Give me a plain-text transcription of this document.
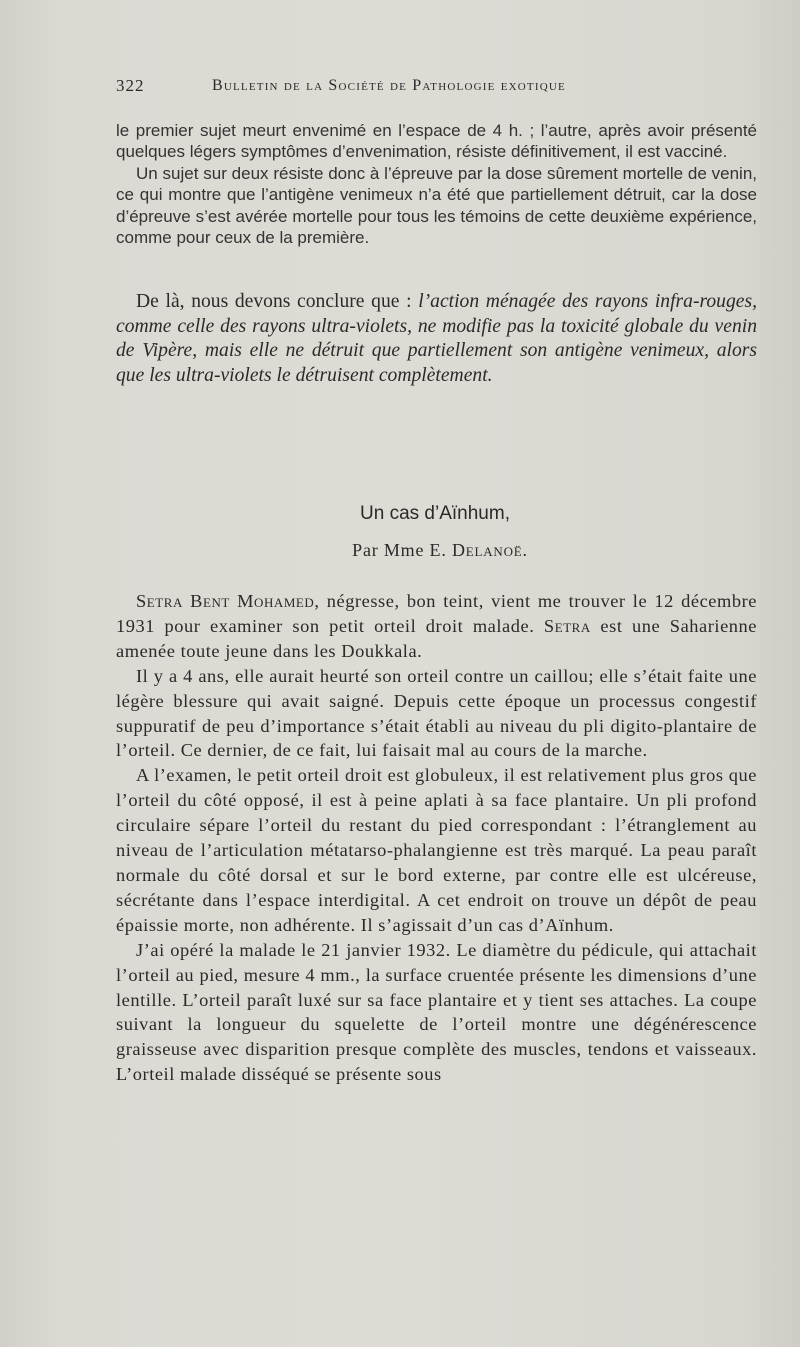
322	Bulletin de la Société de Pathologie exotique

le premier sujet meurt envenimé en l’espace de 4 h. ; l’autre, après avoir présenté quelques légers symptômes d’envenimation, résiste définitivement, il est vacciné.

Un sujet sur deux résiste donc à l’épreuve par la dose sûrement mortelle de venin, ce qui montre que l’antigène venimeux n’a été que partiellement détruit, car la dose d’épreuve s’est avérée mortelle pour tous les témoins de cette deuxième expérience, comme pour ceux de la première.

De là, nous devons conclure que : l’action ménagée des rayons infra-rouges, comme celle des rayons ultra-violets, ne modifie pas la toxicité globale du venin de Vipère, mais elle ne détruit que partiellement son antigène venimeux, alors que les ultra-violets le détruisent complètement.

Un cas d’Aïnhum,
Par Mme E. Delanoë.

Setra Bent Mohamed, négresse, bon teint, vient me trouver le 12 décembre 1931 pour examiner son petit orteil droit malade. Setra est une Saharienne amenée toute jeune dans les Doukkala.

Il y a 4 ans, elle aurait heurté son orteil contre un caillou; elle s’était faite une légère blessure qui avait saigné. Depuis cette époque un processus congestif suppuratif de peu d’importance s’était établi au niveau du pli digito-plantaire de l’orteil. Ce dernier, de ce fait, lui faisait mal au cours de la marche.

A l’examen, le petit orteil droit est globuleux, il est relativement plus gros que l’orteil du côté opposé, il est à peine aplati à sa face plantaire. Un pli profond circulaire sépare l’orteil du restant du pied correspondant : l’étranglement au niveau de l’articulation métatarso-phalangienne est très marqué. La peau paraît normale du côté dorsal et sur le bord externe, par contre elle est ulcéreuse, sécrétante dans l’espace interdigital. A cet endroit on trouve un dépôt de peau épaissie morte, non adhérente. Il s’agissait d’un cas d’Aïnhum.

J’ai opéré la malade le 21 janvier 1932. Le diamètre du pédicule, qui attachait l’orteil au pied, mesure 4 mm., la surface cruentée présente les dimensions d’une lentille. L’orteil paraît luxé sur sa face plantaire et y tient ses attaches. La coupe suivant la longueur du squelette de l’orteil montre une dégénérescence graisseuse avec disparition presque complète des muscles, tendons et vaisseaux. L’orteil malade disséqué se présente sous
